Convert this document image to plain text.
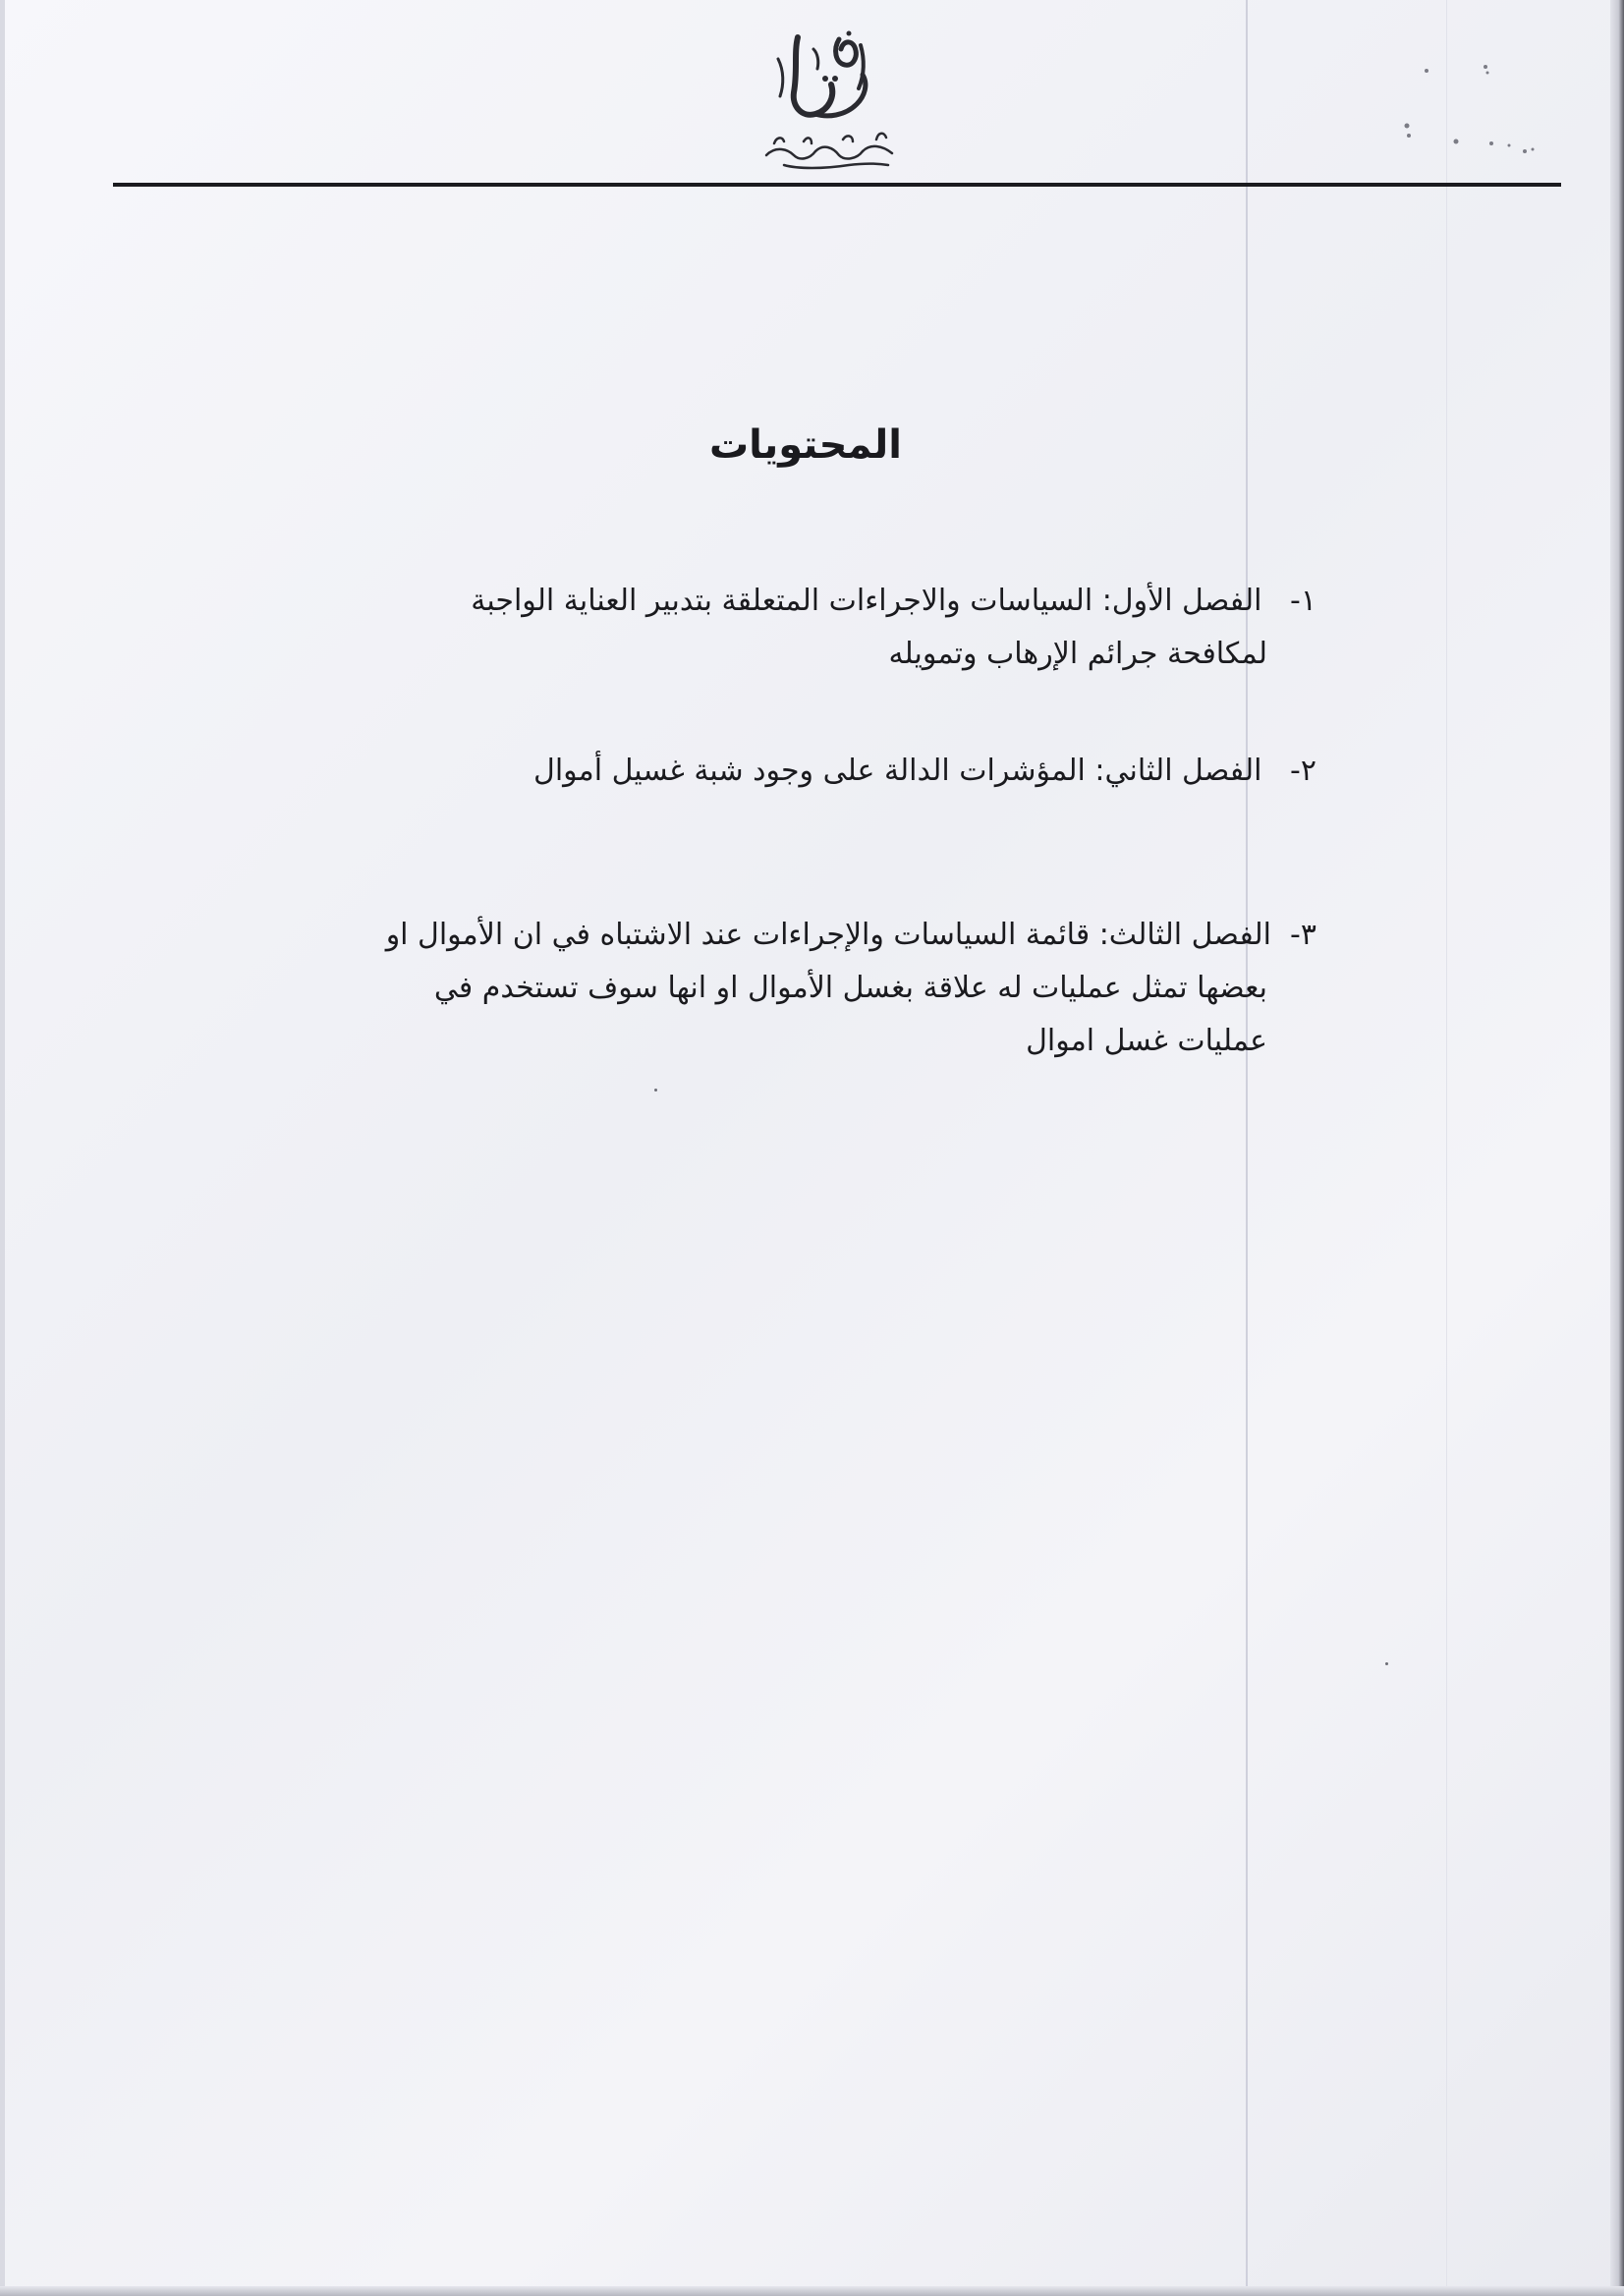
المحتويات
١- الفصل الأول: السياسات والاجراءات المتعلقة بتدبير العناية الواجبة
لمكافحة جرائم الإرهاب وتمويله
٢- الفصل الثاني: المؤشرات الدالة على وجود شبة غسيل أموال
٣-الفصل الثالث: قائمة السياسات والإجراءات عند الاشتباه في ان الأموال او
بعضها تمثل عمليات له علاقة بغسل الأموال او انها سوف تستخدم في
عمليات غسل اموال
